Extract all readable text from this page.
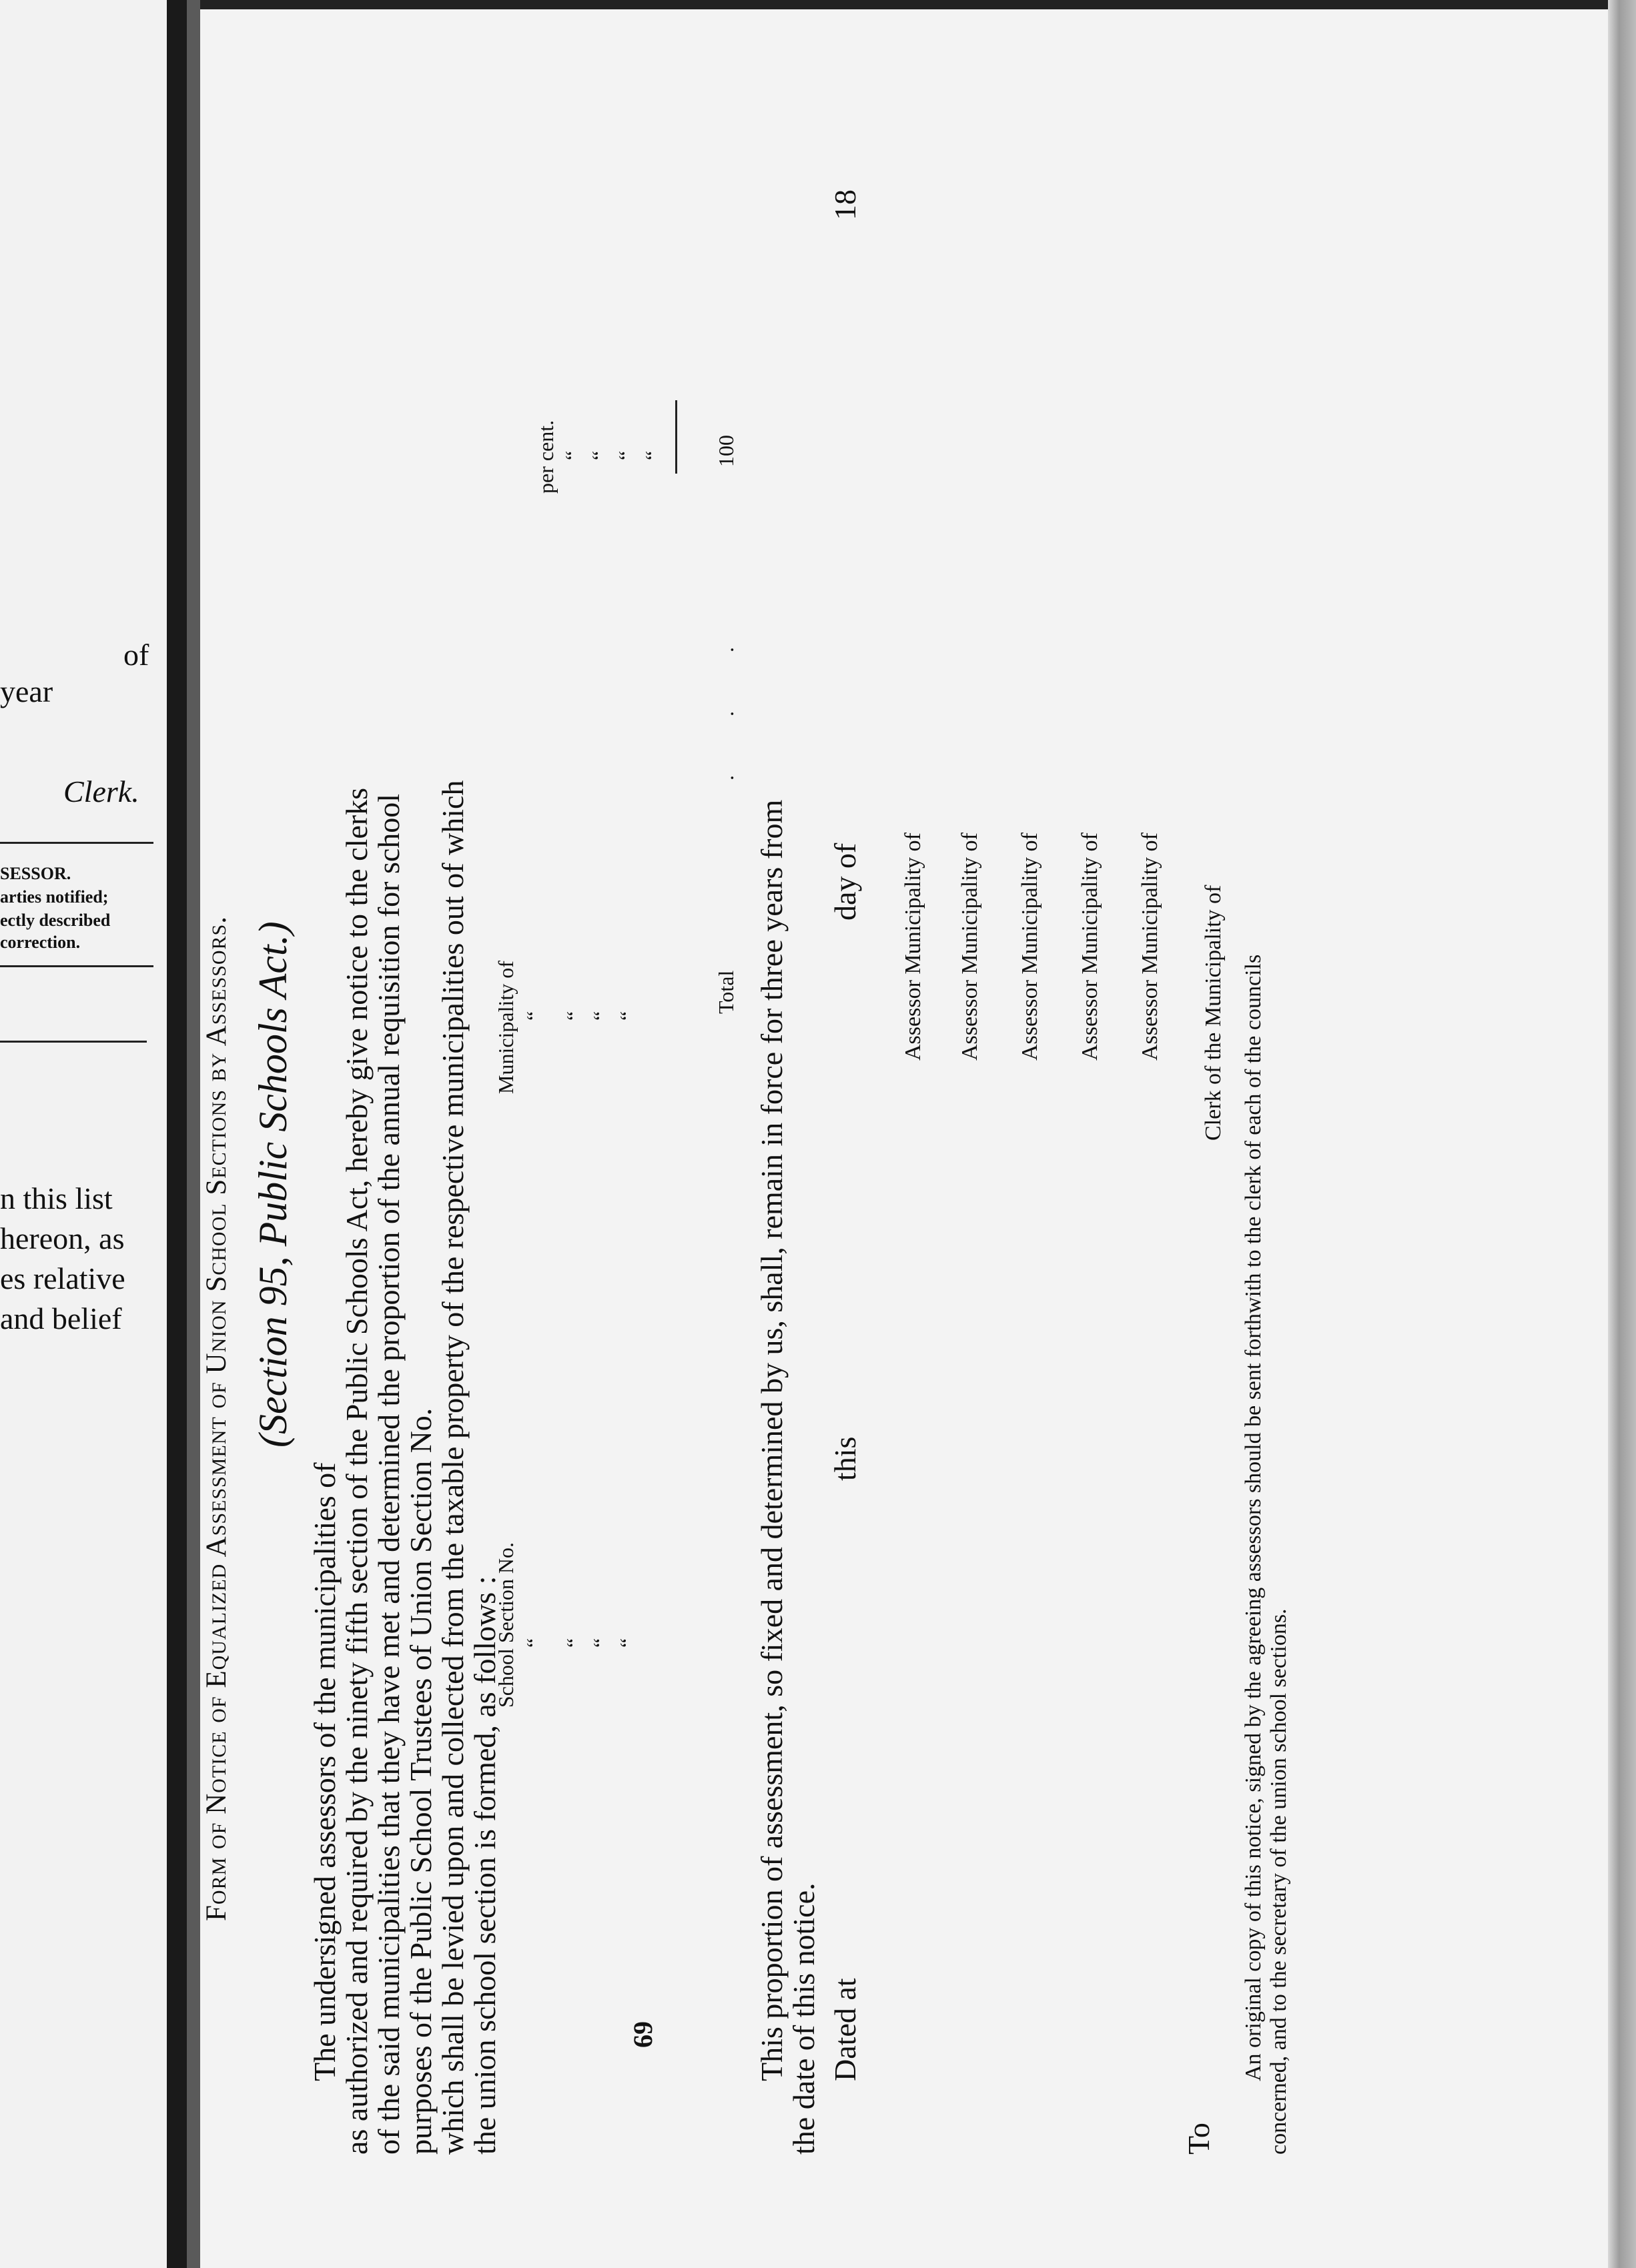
of
year
Clerk.
SESSOR.
arties notified;
ectly described
correction.
n this list
hereon, as
es relative
and belief	Form of Notice of Equalized Assessment of Union School Sections by Assessors. (Section 95, Public Schools Act.)
The undersigned assessors of the municipalities of
as authorized and required by the ninety fifth section of the Public Schools Act, hereby give notice to the clerks
of the said municipalities that they have met and determined the proportion of the annual requisition for school
purposes of the Public School Trustees of Union Section No.
which shall be levied upon and collected from the taxable property of the respective municipalities out of which
the union school section is formed, as follows :
School Section No.
Municipality of
per cent.
“ “ “ “
“ “ “ “
“ “ “ “
Total
. . .
100
This proportion of assessment, so fixed and determined by us, shall, remain in force for three years from
the date of this notice. Dated at
this
day of
18
Assessor Municipality of Assessor Municipality of Assessor Municipality of Assessor Municipality of Assessor Municipality of
To
Clerk of the Municipality of An original copy of this notice, signed by the agreeing assessors should be sent forthwith to the clerk of each of the councils concerned, and to the secretary of the union school sections.
69
